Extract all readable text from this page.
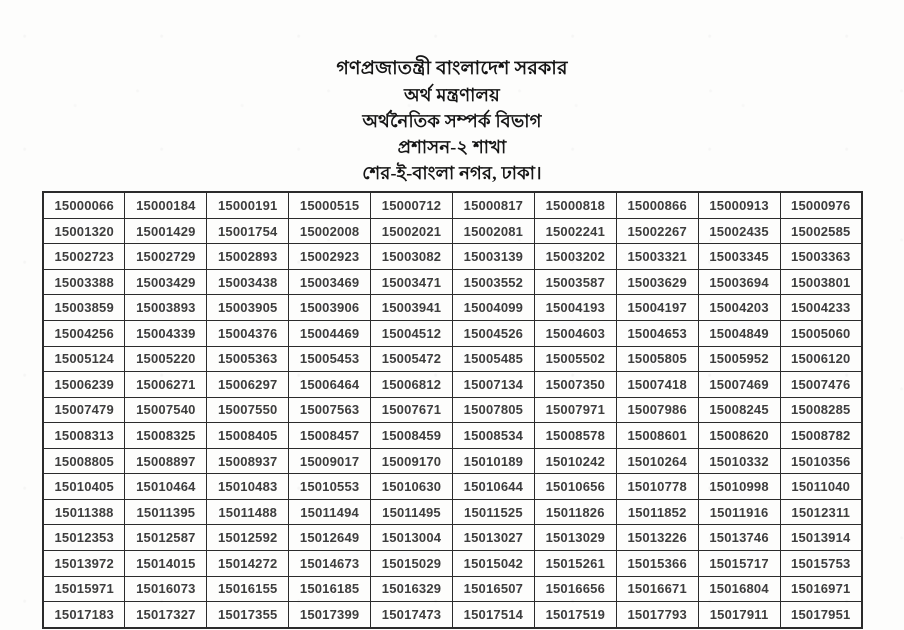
গণপ্রজাতন্ত্রী বাংলাদেশ সরকার
অর্থ মন্ত্রণালয়
অর্থনৈতিক সম্পর্ক বিভাগ
প্রশাসন-২ শাখা
শের-ই-বাংলা নগর, ঢাকা।
15000066	15000184	15000191	15000515	15000712	15000817	15000818	15000866	15000913	15000976
15001320	15001429	15001754	15002008	15002021	15002081	15002241	15002267	15002435	15002585
15002723	15002729	15002893	15002923	15003082	15003139	15003202	15003321	15003345	15003363
15003388	15003429	15003438	15003469	15003471	15003552	15003587	15003629	15003694	15003801
15003859	15003893	15003905	15003906	15003941	15004099	15004193	15004197	15004203	15004233
15004256	15004339	15004376	15004469	15004512	15004526	15004603	15004653	15004849	15005060
15005124	15005220	15005363	15005453	15005472	15005485	15005502	15005805	15005952	15006120
15006239	15006271	15006297	15006464	15006812	15007134	15007350	15007418	15007469	15007476
15007479	15007540	15007550	15007563	15007671	15007805	15007971	15007986	15008245	15008285
15008313	15008325	15008405	15008457	15008459	15008534	15008578	15008601	15008620	15008782
15008805	15008897	15008937	15009017	15009170	15010189	15010242	15010264	15010332	15010356
15010405	15010464	15010483	15010553	15010630	15010644	15010656	15010778	15010998	15011040
15011388	15011395	15011488	15011494	15011495	15011525	15011826	15011852	15011916	15012311
15012353	15012587	15012592	15012649	15013004	15013027	15013029	15013226	15013746	15013914
15013972	15014015	15014272	15014673	15015029	15015042	15015261	15015366	15015717	15015753
15015971	15016073	15016155	15016185	15016329	15016507	15016656	15016671	15016804	15016971
15017183	15017327	15017355	15017399	15017473	15017514	15017519	15017793	15017911	15017951
